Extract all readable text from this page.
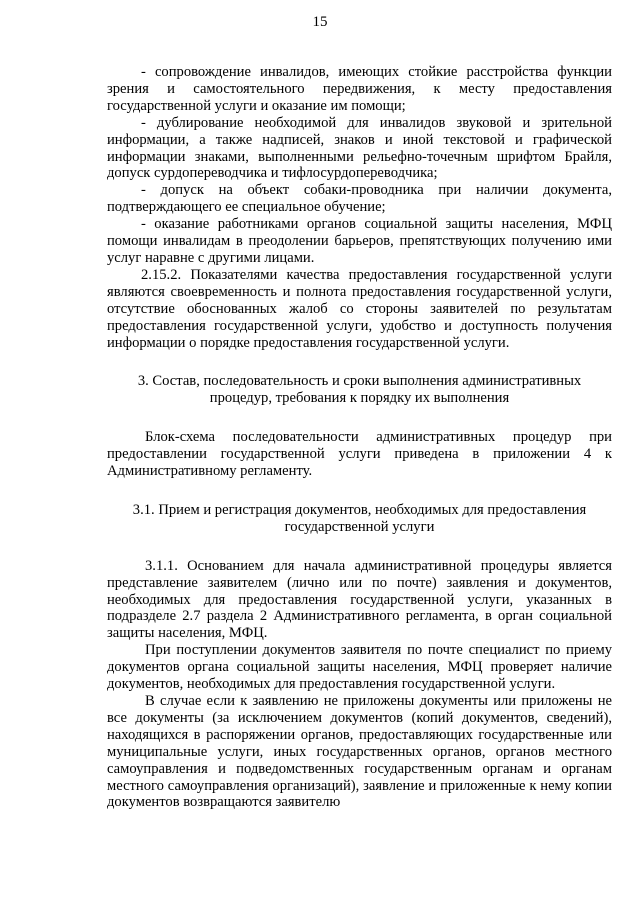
15

- сопровождение инвалидов, имеющих стойкие расстройства функции зрения и самостоятельного передвижения, к месту предоставления государственной услуги и оказание им помощи;

- дублирование необходимой для инвалидов звуковой и зрительной информации, а также надписей, знаков и иной текстовой и графической информации знаками, выполненными рельефно-точечным шрифтом Брайля, допуск сурдопереводчика и тифлосурдопереводчика;

- допуск на объект собаки-проводника при наличии документа, подтверждающего ее специальное обучение;

- оказание работниками органов социальной защиты населения, МФЦ помощи инвалидам в преодолении барьеров, препятствующих получению ими услуг наравне с другими лицами.

2.15.2. Показателями качества предоставления государственной услуги являются своевременность и полнота предоставления государственной услуги, отсутствие обоснованных жалоб со стороны заявителей по результатам предоставления государственной услуги, удобство и доступность получения информации о порядке предоставления государственной услуги.

3. Состав, последовательность и сроки выполнения административных процедур, требования к порядку их выполнения

Блок-схема последовательности административных процедур при предоставлении государственной услуги приведена в приложении 4 к Административному регламенту.

3.1. Прием и регистрация документов, необходимых для предоставления государственной услуги

3.1.1. Основанием для начала административной процедуры является представление заявителем (лично или по почте) заявления и документов, необходимых для предоставления государственной услуги, указанных в подразделе 2.7 раздела 2 Административного регламента, в орган социальной защиты населения, МФЦ.

При поступлении документов заявителя по почте специалист по приему документов органа социальной защиты населения, МФЦ проверяет наличие документов, необходимых для предоставления государственной услуги.

В случае если к заявлению не приложены документы или приложены не все документы (за исключением документов (копий документов, сведений), находящихся в распоряжении органов, предоставляющих государственные или муниципальные услуги, иных государственных органов, органов местного самоуправления и подведомственных государственным органам и органам местного самоуправления организаций), заявление и приложенные к нему копии документов возвращаются заявителю
